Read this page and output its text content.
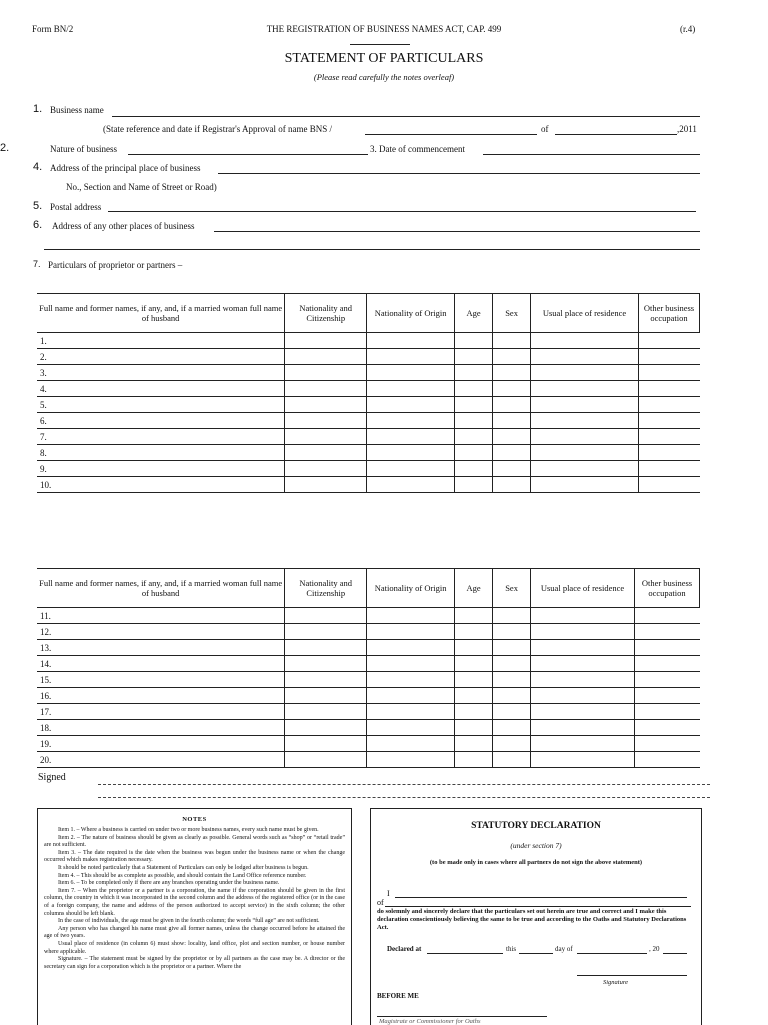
Form BN/2	THE REGISTRATION OF BUSINESS NAMES ACT, CAP. 499	(r.4)
STATEMENT OF PARTICULARS
(Please read carefully the notes overleaf)
1. Business name
(State reference and date if Registrar's Approval of name BNS /	of	,2011
2.	Nature of business	3. Date of commencement
4. Address of the principal place of business
No., Section and Name of Street or Road)
5. Postal address
6. Address of any other places of business
7. Particulars of proprietor or partners –
Full name and former names, if any, and, if a married woman full name of husband	Nationality and Citizenship	Nationality of Origin	Age	Sex	Usual place of residence	Other business occupation
1.						
2.						
3.						
4.						
5.						
6.						
7.						
8.						
9.						
10.						
Full name and former names, if any, and, if a married woman full name of husband	Nationality and Citizenship	Nationality of Origin	Age	Sex	Usual place of residence	Other business occupation
11.						
12.						
13.						
14.						
15.						
16.						
17.						
18.						
19.						
20.						
Signed
NOTES

Item 1. – Where a business is carried on under two or more business names, every such name must be given.

Item 2. – The nature of business should be given as clearly as possible. General words such as “shop” or “retail trade” are not sufficient.

Item 3. – The date required is the date when the business was begun under the business name or when the change occurred which makes registration necessary.

It should be noted particularly that a Statement of Particulars can only be lodged after business is begun.

Item 4. – This should be as complete as possible, and should contain the Land Office reference number.

Item 6. – To be completed only if there are any branches operating under the business name.

Item 7. – When the proprietor or a partner is a corporation, the name if the corporation should be given in the first column, the country in which it was incorporated in the second column and the address of the registered office (or in the case of a foreign company, the name and address of the person authorized to accept service) in the sixth column; the other columns should be left blank.

In the case of individuals, the age must be given in the fourth column; the words “full age” are not sufficient.

Any person who has changed his name must give all former names, unless the change occurred before he attained the age of two years.

Usual place of residence (in column 6) must show: locality, land office, plot and section number, or house number where applicable.

Signature. – The statement must be signed by the proprietor or by all partners as the case may be. A director or the secretary can sign for a corporation which is the proprietor or a partner. Where the

STATUTORY DECLARATION
(under section 7)
(to be made only in cases where all partners do not sign the above statement)
I
of
do solemnly and sincerely declare that the particulars set out herein are true and correct and I make this declaration conscientiously believing the same to be true and according to the Oaths and Statutory Declarations Act.
Declared at	this	day of	, 20
Signature
BEFORE ME
Magistrate or Commissioner for Oaths
